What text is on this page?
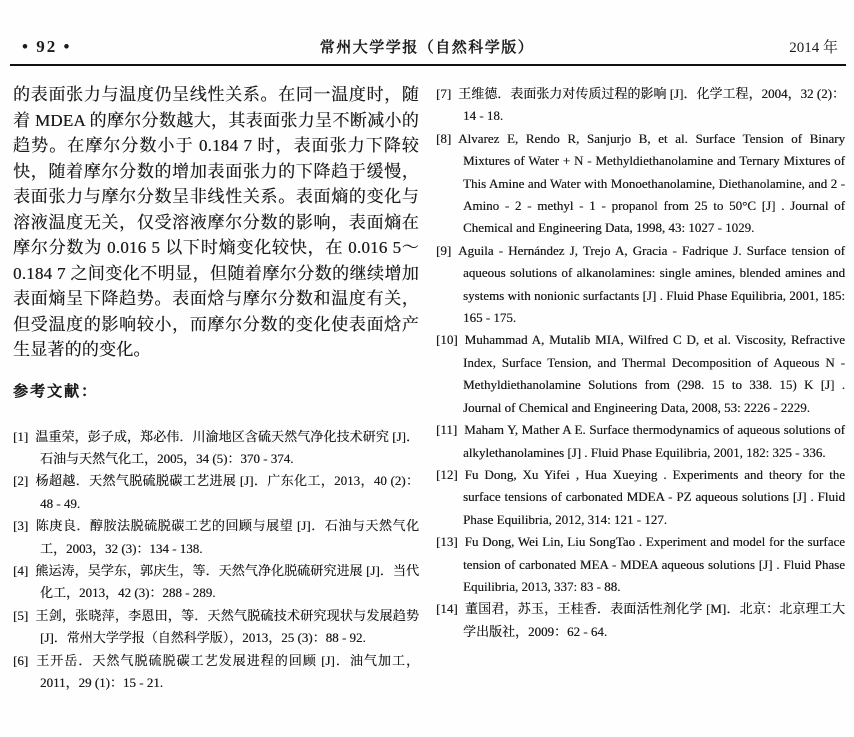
• 92 •	常州大学学报（自然科学版）	2014 年

的表面张力与温度仍呈线性关系。在同一温度时，随着 MDEA 的摩尔分数越大，其表面张力呈不断减小的趋势。在摩尔分数小于 0.184 7 时，表面张力下降较快，随着摩尔分数的增加表面张力的下降趋于缓慢，表面张力与摩尔分数呈非线性关系。表面熵的变化与溶液温度无关，仅受溶液摩尔分数的影响，表面熵在摩尔分数为 0.016 5 以下时熵变化较快，在 0.016 5～0.184 7 之间变化不明显，但随着摩尔分数的继续增加表面熵呈下降趋势。表面焓与摩尔分数和温度有关，但受温度的影响较小，而摩尔分数的变化使表面焓产生显著的的变化。

参考文献：
[1] 温重荣，彭子成，郑必伟．川渝地区含硫天然气净化技术研究 [J]．石油与天然气化工，2005，34 (5)：370 - 374.
[2] 杨超越．天然气脱硫脱碳工艺进展 [J]．广东化工，2013，40 (2)：48 - 49.
[3] 陈庚良．醇胺法脱硫脱碳工艺的回顾与展望 [J]．石油与天然气化工，2003，32 (3)：134 - 138.
[4] 熊运涛，吴学东，郭庆生，等．天然气净化脱硫研究进展 [J]．当代化工，2013，42 (3)：288 - 289.
[5] 王剑，张晓萍，李恩田，等．天然气脱硫技术研究现状与发展趋势 [J]．常州大学学报（自然科学版），2013，25 (3)：88 - 92.
[6] 王开岳．天然气脱硫脱碳工艺发展进程的回顾 [J]．油气加工，2011，29 (1)：15 - 21.
[7] 王维德．表面张力对传质过程的影响 [J]．化学工程，2004，32 (2)：14 - 18.
[8] Alvarez E, Rendo R, Sanjurjo B, et al. Surface Tension of Binary Mixtures of Water + N - Methyldiethanolamine and Ternary Mixtures of This Amine and Water with Monoethanolamine, Diethanolamine, and 2 - Amino - 2 - methyl - 1 - propanol from 25 to 50°C [J] . Journal of Chemical and Engineering Data, 1998, 43: 1027 - 1029.
[9] Aguila - Hernández J, Trejo A, Gracia - Fadrique J. Surface tension of aqueous solutions of alkanolamines: single amines, blended amines and systems with nonionic surfactants [J] . Fluid Phase Equilibria, 2001, 185: 165 - 175.
[10] Muhammad A, Mutalib MIA, Wilfred C D, et al. Viscosity, Refractive Index, Surface Tension, and Thermal Decomposition of Aqueous N - Methyldiethanolamine Solutions from (298. 15 to 338. 15) K [J] . Journal of Chemical and Engineering Data, 2008, 53: 2226 - 2229.
[11] Maham Y, Mather A E. Surface thermodynamics of aqueous solutions of alkylethanolamines [J] . Fluid Phase Equilibria, 2001, 182: 325 - 336.
[12] Fu Dong, Xu Yifei , Hua Xueying . Experiments and theory for the surface tensions of carbonated MDEA - PZ aqueous solutions [J] . Fluid Phase Equilibria, 2012, 314: 121 - 127.
[13] Fu Dong, Wei Lin, Liu SongTao . Experiment and model for the surface tension of carbonated MEA - MDEA aqueous solutions [J] . Fluid Phase Equilibria, 2013, 337: 83 - 88.
[14] 董国君，苏玉，王桂香．表面活性剂化学 [M]．北京：北京理工大学出版社，2009：62 - 64.
